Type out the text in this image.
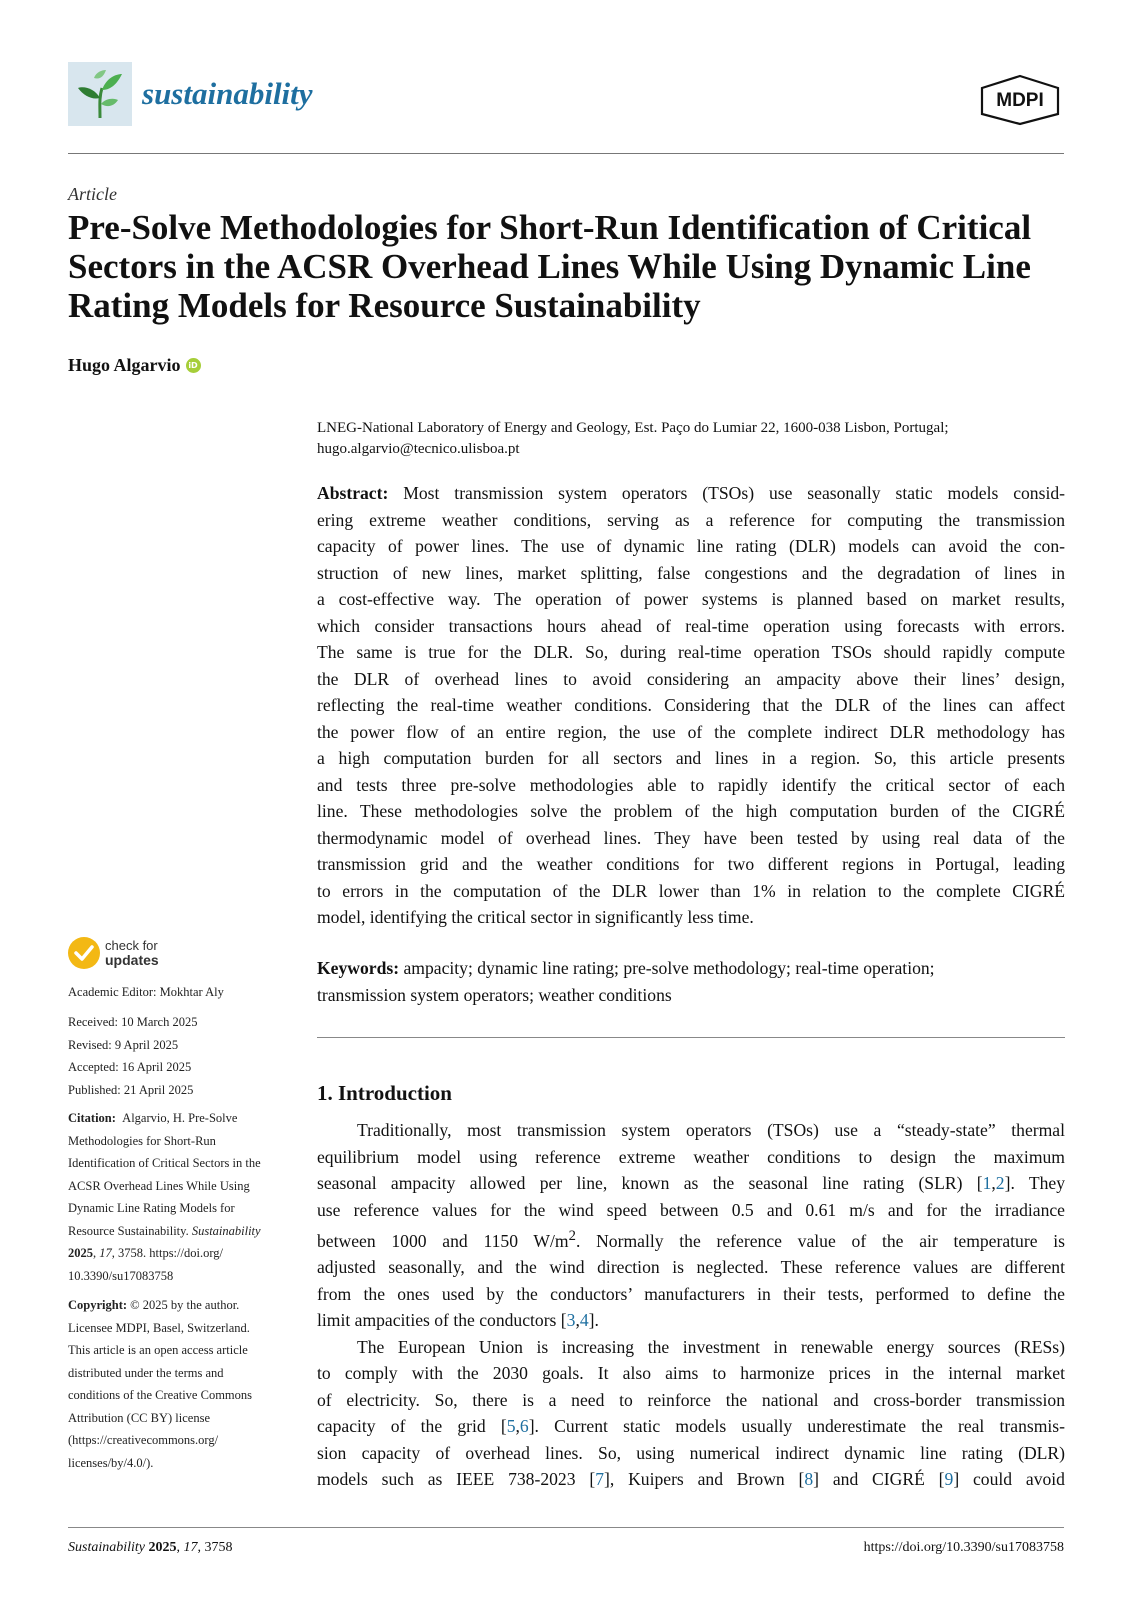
sustainability	MDPI
Article
Pre-Solve Methodologies for Short-Run Identification of Critical
Sectors in the ACSR Overhead Lines While Using Dynamic Line
Rating Models for Resource Sustainability
Hugo Algarvio iD
LNEG-National Laboratory of Energy and Geology, Est. Paço do Lumiar 22, 1600-038 Lisbon, Portugal;
hugo.algarvio@tecnico.ulisboa.pt
Abstract: Most transmission system operators (TSOs) use seasonally static models consid-
ering extreme weather conditions, serving as a reference for computing the transmission
capacity of power lines. The use of dynamic line rating (DLR) models can avoid the con-
struction of new lines, market splitting, false congestions and the degradation of lines in
a cost-effective way. The operation of power systems is planned based on market results,
which consider transactions hours ahead of real-time operation using forecasts with errors.
The same is true for the DLR. So, during real-time operation TSOs should rapidly compute
the DLR of overhead lines to avoid considering an ampacity above their lines’ design,
reflecting the real-time weather conditions. Considering that the DLR of the lines can affect
the power flow of an entire region, the use of the complete indirect DLR methodology has
a high computation burden for all sectors and lines in a region. So, this article presents
and tests three pre-solve methodologies able to rapidly identify the critical sector of each
line. These methodologies solve the problem of the high computation burden of the CIGRÉ
thermodynamic model of overhead lines. They have been tested by using real data of the
transmission grid and the weather conditions for two different regions in Portugal, leading
to errors in the computation of the DLR lower than 1% in relation to the complete CIGRÉ
model, identifying the critical sector in significantly less time.
Keywords: ampacity; dynamic line rating; pre-solve methodology; real-time operation;
transmission system operators; weather conditions
1. Introduction
Traditionally, most transmission system operators (TSOs) use a “steady-state” thermal
equilibrium model using reference extreme weather conditions to design the maximum
seasonal ampacity allowed per line, known as the seasonal line rating (SLR) [1,2]. They
use reference values for the wind speed between 0.5 and 0.61 m/s and for the irradiance
between 1000 and 1150 $W/m^2$. Normally the reference value of the air temperature is
adjusted seasonally, and the wind direction is neglected. These reference values are different
from the ones used by the conductors’ manufacturers in their tests, performed to define the
limit ampacities of the conductors [3,4].
The European Union is increasing the investment in renewable energy sources (RESs)
to comply with the 2030 goals. It also aims to harmonize prices in the internal market
of electricity. So, there is a need to reinforce the national and cross-border transmission
capacity of the grid [5,6]. Current static models usually underestimate the real transmis-
sion capacity of overhead lines. So, using numerical indirect dynamic line rating (DLR)
models such as IEEE 738-2023 [7], Kuipers and Brown [8] and CIGRÉ [9] could avoid
check for
updates
Academic Editor: Mokhtar Aly
Received: 10 March 2025
Revised: 9 April 2025
Accepted: 16 April 2025
Published: 21 April 2025
Citation: Algarvio, H. Pre-Solve
Methodologies for Short-Run
Identification of Critical Sectors in the
ACSR Overhead Lines While Using
Dynamic Line Rating Models for
Resource Sustainability. Sustainability
2025, 17, 3758. https://doi.org/
10.3390/su17083758
Copyright: © 2025 by the author.
Licensee MDPI, Basel, Switzerland.
This article is an open access article
distributed under the terms and
conditions of the Creative Commons
Attribution (CC BY) license
(https://creativecommons.org/
licenses/by/4.0/).
Sustainability 2025, 17, 3758	https://doi.org/10.3390/su17083758
